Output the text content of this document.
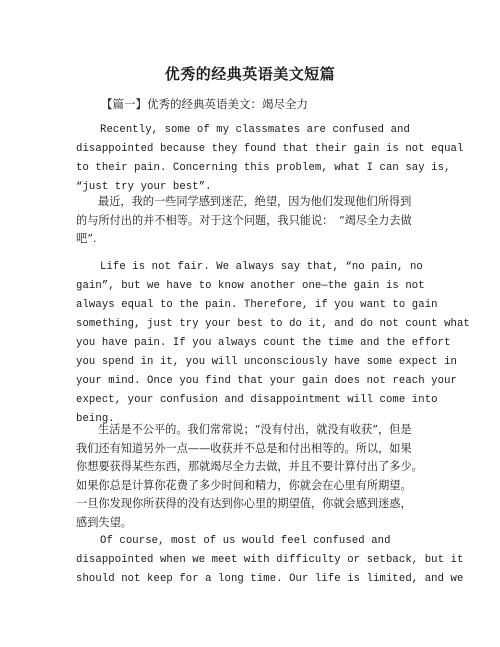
优秀的经典英语美文短篇

【篇一】优秀的经典英语美文：竭尽全力

Recently, some of my classmates are confused and
disappointed because they found that their gain is not equal
to their pain. Concerning this problem, what I can say is,
“just try your best”.

最近，我的一些同学感到迷茫，绝望，因为他们发现他们所得到
的与所付出的并不相等。对于这个问题，我只能说：　“竭尽全力去做
吧”.

Life is not fair. We always say that, “no pain, no
gain”, but we have to know another one—the gain is not
always equal to the pain. Therefore, if you want to gain
something, just try your best to do it, and do not count what
you have pain. If you always count the time and the effort
you spend in it, you will unconsciously have some expect in
your mind. Once you find that your gain does not reach your
expect, your confusion and disappointment will come into
being.

生活是不公平的。我们常常说；“没有付出，就没有收获”，但是
我们还有知道另外一点——收获并不总是和付出相等的。所以，如果
你想要获得某些东西，那就竭尽全力去做，并且不要计算付出了多少。
如果你总是计算你花费了多少时间和精力，你就会在心里有所期望。
一旦你发现你所获得的没有达到你心里的期望值，你就会感到迷惑，
感到失望。

Of course, most of us would feel confused and
disappointed when we meet with difficulty or setback, but it
should not keep for a long time. Our life is limited, and we
